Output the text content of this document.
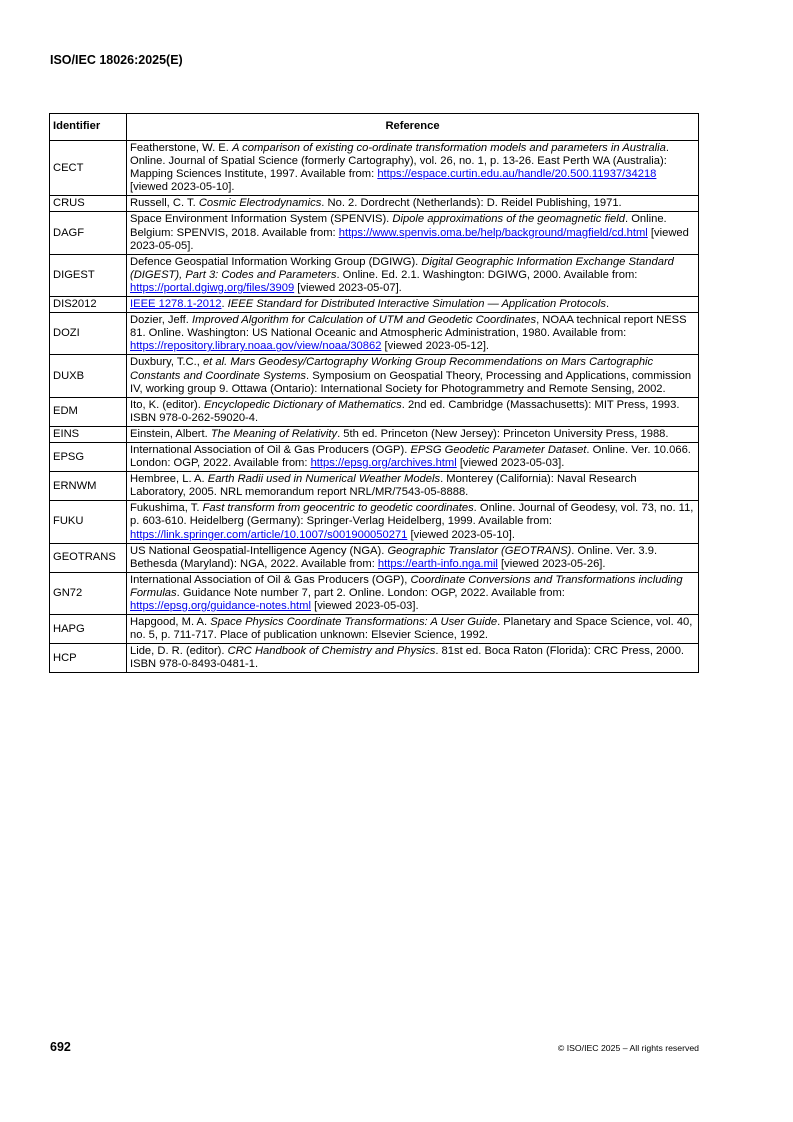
ISO/IEC 18026:2025(E)
Identifier	Reference
CECT	Featherstone, W. E. A comparison of existing co-ordinate transformation models and parameters in Australia. Online. Journal of Spatial Science (formerly Cartography), vol. 26, no. 1, p. 13-26. East Perth WA (Australia): Mapping Sciences Institute, 1997. Available from: https://espace.curtin.edu.au/handle/20.500.11937/34218 [viewed 2023-05-10].
CRUS	Russell, C. T. Cosmic Electrodynamics. No. 2. Dordrecht (Netherlands): D. Reidel Publishing, 1971.
DAGF	Space Environment Information System (SPENVIS). Dipole approximations of the geomagnetic field. Online. Belgium: SPENVIS, 2018. Available from: https://www.spenvis.oma.be/help/background/magfield/cd.html [viewed 2023-05-05].
DIGEST	Defence Geospatial Information Working Group (DGIWG). Digital Geographic Information Exchange Standard (DIGEST), Part 3: Codes and Parameters. Online. Ed. 2.1. Washington: DGIWG, 2000. Available from: https://portal.dgiwg.org/files/3909 [viewed 2023-05-07].
DIS2012	IEEE 1278.1-2012. IEEE Standard for Distributed Interactive Simulation — Application Protocols.
DOZI	Dozier, Jeff. Improved Algorithm for Calculation of UTM and Geodetic Coordinates, NOAA technical report NESS 81. Online. Washington: US National Oceanic and Atmospheric Administration, 1980. Available from: https://repository.library.noaa.gov/view/noaa/30862 [viewed 2023-05-12].
DUXB	Duxbury, T.C., et al. Mars Geodesy/Cartography Working Group Recommendations on Mars Cartographic Constants and Coordinate Systems. Symposium on Geospatial Theory, Processing and Applications, commission IV, working group 9. Ottawa (Ontario): International Society for Photogrammetry and Remote Sensing, 2002.
EDM	Ito, K. (editor). Encyclopedic Dictionary of Mathematics. 2nd ed. Cambridge (Massachusetts): MIT Press, 1993. ISBN 978-0-262-59020-4.
EINS	Einstein, Albert. The Meaning of Relativity. 5th ed. Princeton (New Jersey): Princeton University Press, 1988.
EPSG	International Association of Oil & Gas Producers (OGP). EPSG Geodetic Parameter Dataset. Online. Ver. 10.066. London: OGP, 2022. Available from: https://epsg.org/archives.html [viewed 2023-05-03].
ERNWM	Hembree, L. A. Earth Radii used in Numerical Weather Models. Monterey (California): Naval Research Laboratory, 2005. NRL memorandum report NRL/MR/7543-05-8888.
FUKU	Fukushima, T. Fast transform from geocentric to geodetic coordinates. Online. Journal of Geodesy, vol. 73, no. 11, p. 603-610. Heidelberg (Germany): Springer-Verlag Heidelberg, 1999. Available from: https://link.springer.com/article/10.1007/s001900050271 [viewed 2023-05-10].
GEOTRANS	US National Geospatial-Intelligence Agency (NGA). Geographic Translator (GEOTRANS). Online. Ver. 3.9. Bethesda (Maryland): NGA, 2022. Available from: https://earth-info.nga.mil [viewed 2023-05-26].
GN72	International Association of Oil & Gas Producers (OGP), Coordinate Conversions and Transformations including Formulas. Guidance Note number 7, part 2. Online. London: OGP, 2022. Available from: https://epsg.org/guidance-notes.html [viewed 2023-05-03].
HAPG	Hapgood, M. A. Space Physics Coordinate Transformations: A User Guide. Planetary and Space Science, vol. 40, no. 5, p. 711-717. Place of publication unknown: Elsevier Science, 1992.
HCP	Lide, D. R. (editor). CRC Handbook of Chemistry and Physics. 81st ed. Boca Raton (Florida): CRC Press, 2000. ISBN 978-0-8493-0481-1.
692	© ISO/IEC 2025 – All rights reserved
